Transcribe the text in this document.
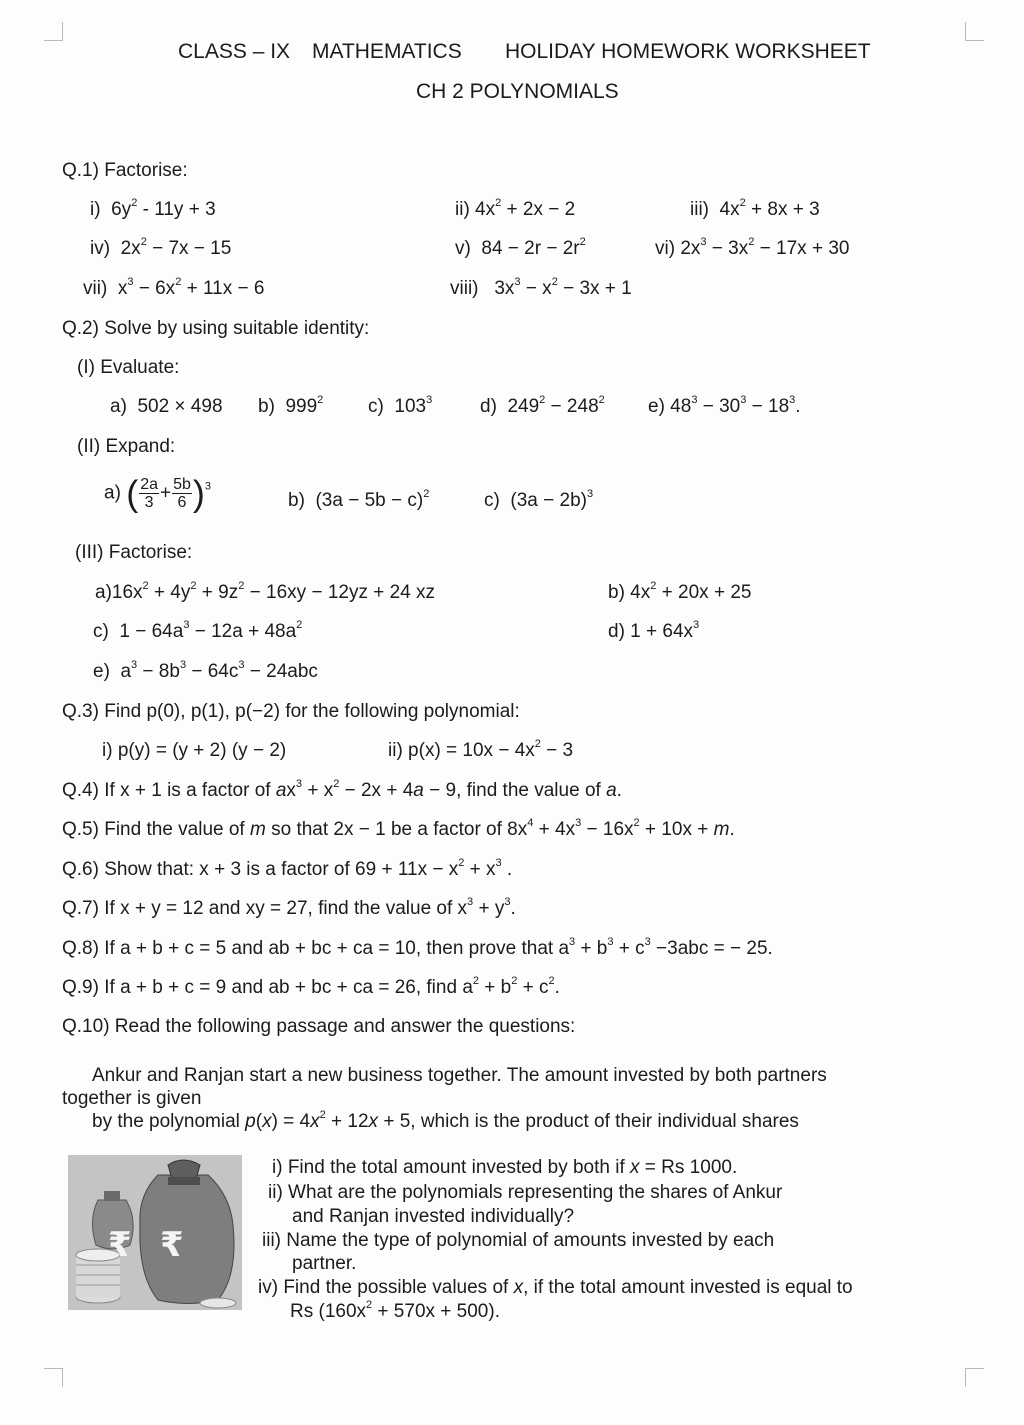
CLASS – IX MATHEMATICS HOLIDAY HOMEWORK WORKSHEET
CH 2 POLYNOMIALS
Q.1) Factorise:
i)  $6y^2 - 11y + 3$	ii) $4x^2 + 2x - 2$	iii)  $4x^2 + 8x + 3$
iv)  $2x^2 - 7x - 15$	v)  $84 - 2r - 2r^2$	vi) $2x^3 - 3x^2 - 17x + 30$
vii)  $x^3 - 6x^2 + 11x - 6$	viii)   $3x^3 - x^2 - 3x + 1$
Q.2) Solve by using suitable identity:
(I) Evaluate:
a)  502 × 498 b)  $999^2$ c)  $103^3$	d)  $249^2 - 248^2$ e) $48^3 - 30^3 - 18^3$.
(II) Expand:
a) ( $\frac{2a}{3} + \frac{5b}{6} )^3$
b)  $(3a - 5b - c)^2$	c)  $(3a - 2b)^3$
(III) Factorise:
$a)16x^2 + 4y^2 + 9z^2 - 16xy - 12yz + 24$ xz	b) $4x^2 + 20x + 25$
c)  $1 - 64a^3 - 12a + 48a^2$	d) $1 + 64x^3$
e)  $a^3 - 8b^3 - 64c^3 - 24abc$
Q.3) Find p(0), p(1), p(−2) for the following polynomial:
i) p(y) = (y + 2) (y − 2)	ii) $p(x) = 10x - 4x^2 - 3$
Q.4) If x + 1 is a factor of $ax^3 + x^2 - 2x + 4a - 9$, find the value of a.
Q.5) Find the value of m so that 2x − 1 be a factor of $8x^4 + 4x^3 - 16x^2 + 10x + m$.
Q.6) Show that: x + 3 is a factor of $69 + 11x - x^2 + x^3$ .
Q.7) If x + y = 12 and xy = 27, find the value of $x^3 + y^3$.
Q.8) If a + b + c = 5 and ab + bc + ca = 10, then prove that $a^3 + b^3 + c^3 -3abc$ = − 25.
Q.9) If a + b + c = 9 and ab + bc + ca = 26, find $a^2 + b^2 + c^2$.
Q.10) Read the following passage and answer the questions:
Ankur and Ranjan start a new business together. The amount invested by both partners
together is given
by the polynomial $p(x) = 4x^2 + 12x + 5$, which is the product of their individual shares
₹   ₹
i) Find the total amount invested by both if x = Rs 1000.
ii) What are the polynomials representing the shares of Ankur
and Ranjan invested individually?
iii) Name the type of polynomial of amounts invested by each
partner.
iv) Find the possible values of x, if the total amount invested is equal to
Rs $(160x^2 + 570x + 500)$.
